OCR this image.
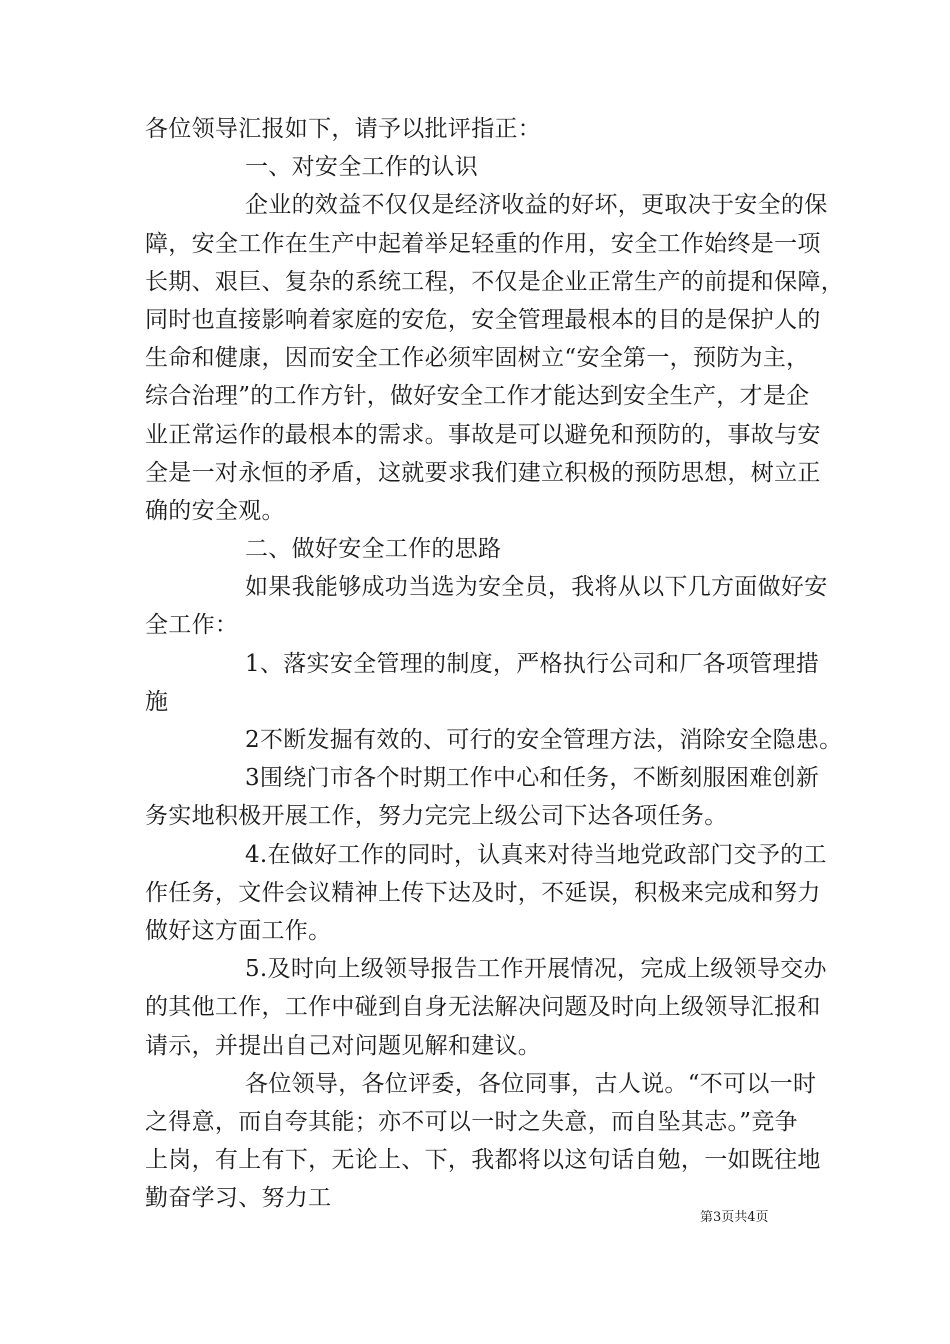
各位领导汇报如下，请予以批评指正：
一、对安全工作的认识
企业的效益不仅仅是经济收益的好坏，更取决于安全的保
障，安全工作在生产中起着举足轻重的作用，安全工作始终是一项
长期、艰巨、复杂的系统工程，不仅是企业正常生产的前提和保障，
同时也直接影响着家庭的安危，安全管理最根本的目的是保护人的
生命和健康，因而安全工作必须牢固树立“安全第一，预防为主，
综合治理”的工作方针，做好安全工作才能达到安全生产，才是企
业正常运作的最根本的需求。事故是可以避免和预防的，事故与安
全是一对永恒的矛盾，这就要求我们建立积极的预防思想，树立正
确的安全观。
二、做好安全工作的思路
如果我能够成功当选为安全员，我将从以下几方面做好安
全工作：
1、落实安全管理的制度，严格执行公司和厂各项管理措
施
2不断发掘有效的、可行的安全管理方法，消除安全隐患。
3围绕门市各个时期工作中心和任务，不断刻服困难创新
务实地积极开展工作，努力完完上级公司下达各项任务。
4.在做好工作的同时，认真来对待当地党政部门交予的工
作任务，文件会议精神上传下达及时，不延误，积极来完成和努力
做好这方面工作。
5.及时向上级领导报告工作开展情况，完成上级领导交办
的其他工作，工作中碰到自身无法解决问题及时向上级领导汇报和
请示，并提出自己对问题见解和建议。
各位领导，各位评委，各位同事，古人说。“不可以一时
之得意，而自夸其能；亦不可以一时之失意，而自坠其志。”竞争
上岗，有上有下，无论上、下，我都将以这句话自勉，一如既往地
勤奋学习、努力工
第3页共4页
